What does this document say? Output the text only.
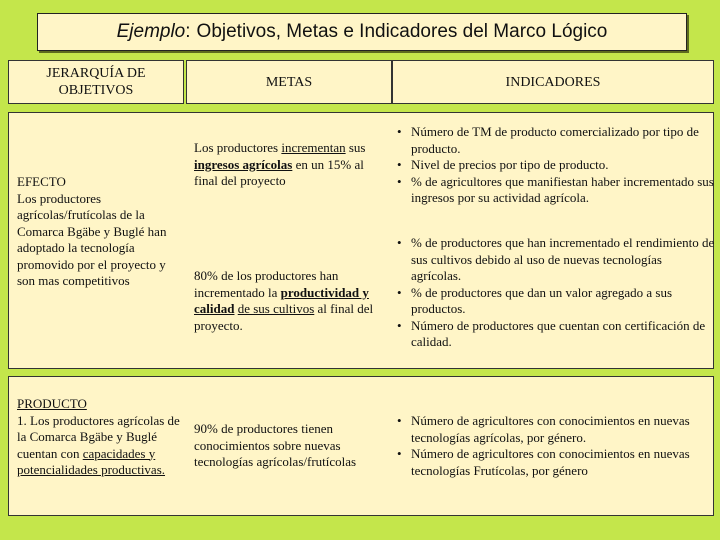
Ejemplo : Objetivos, Metas e Indicadores del Marco Lógico
JERARQUÍA DE OBJETIVOS
METAS	INDICADORES
EFECTO
Los productores agrícolas/frutícolas de la Comarca Bgäbe y Buglé han adoptado la tecnología promovido por el proyecto y son mas competitivos
Los productores incrementan sus ingresos agrícolas en un 15% al final del proyecto
80% de los productores han incrementado la productividad y calidad de sus cultivos al final del proyecto.
• Número de TM de producto comercializado por tipo de producto.
• Nivel de precios por tipo de producto.
• % de agricultores que manifiestan haber incrementado sus ingresos por su actividad agrícola.
• % de productores que han incrementado el rendimiento de sus cultivos debido al uso de nuevas tecnologías agrícolas.
• % de productores que dan un valor agregado a sus productos.
• Número de productores que cuentan con certificación de calidad.
PRODUCTO
1. Los productores agrícolas de la Comarca Bgäbe y Buglé cuentan con capacidades y potencialidades productivas.
90% de productores tienen conocimientos sobre nuevas tecnologías agrícolas/frutícolas
• Número de agricultores con conocimientos en nuevas tecnologías agrícolas, por género.
• Número de agricultores con conocimientos en nuevas tecnologías Frutícolas, por género
